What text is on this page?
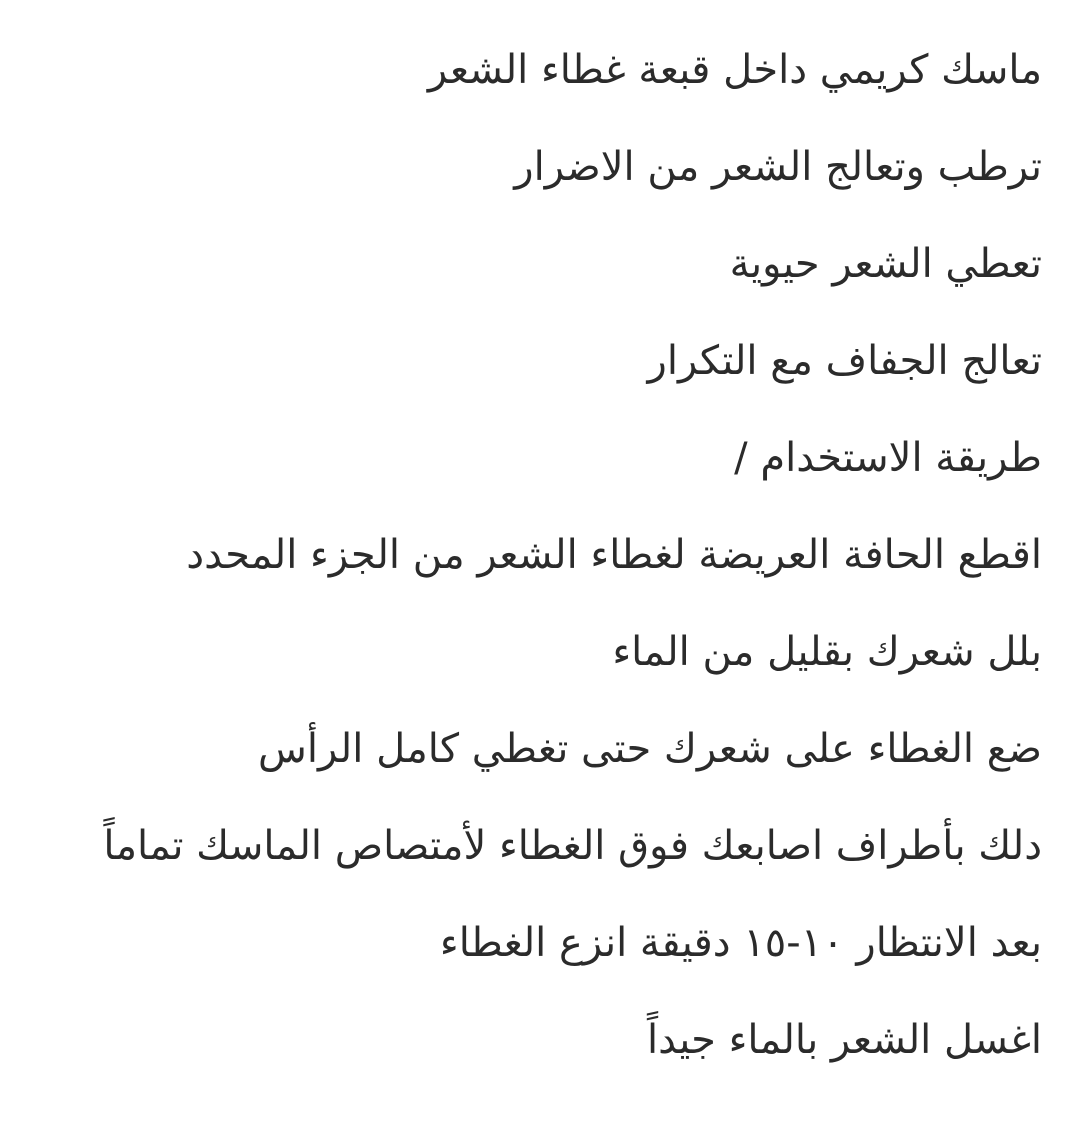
ماسك كريمي داخل قبعة غطاء الشعر

ترطب وتعالج الشعر من الاضرار

تعطي الشعر حيوية

تعالج الجفاف مع التكرار

طريقة الاستخدام /

اقطع الحافة العريضة لغطاء الشعر من الجزء المحدد

بلل شعرك بقليل من الماء

ضع الغطاء على شعرك حتى تغطي كامل الرأس

دلك بأطراف اصابعك فوق الغطاء لأمتصاص الماسك تماماً

بعد الانتظار ١٠-١٥ دقيقة انزع الغطاء

اغسل الشعر بالماء جيداً
